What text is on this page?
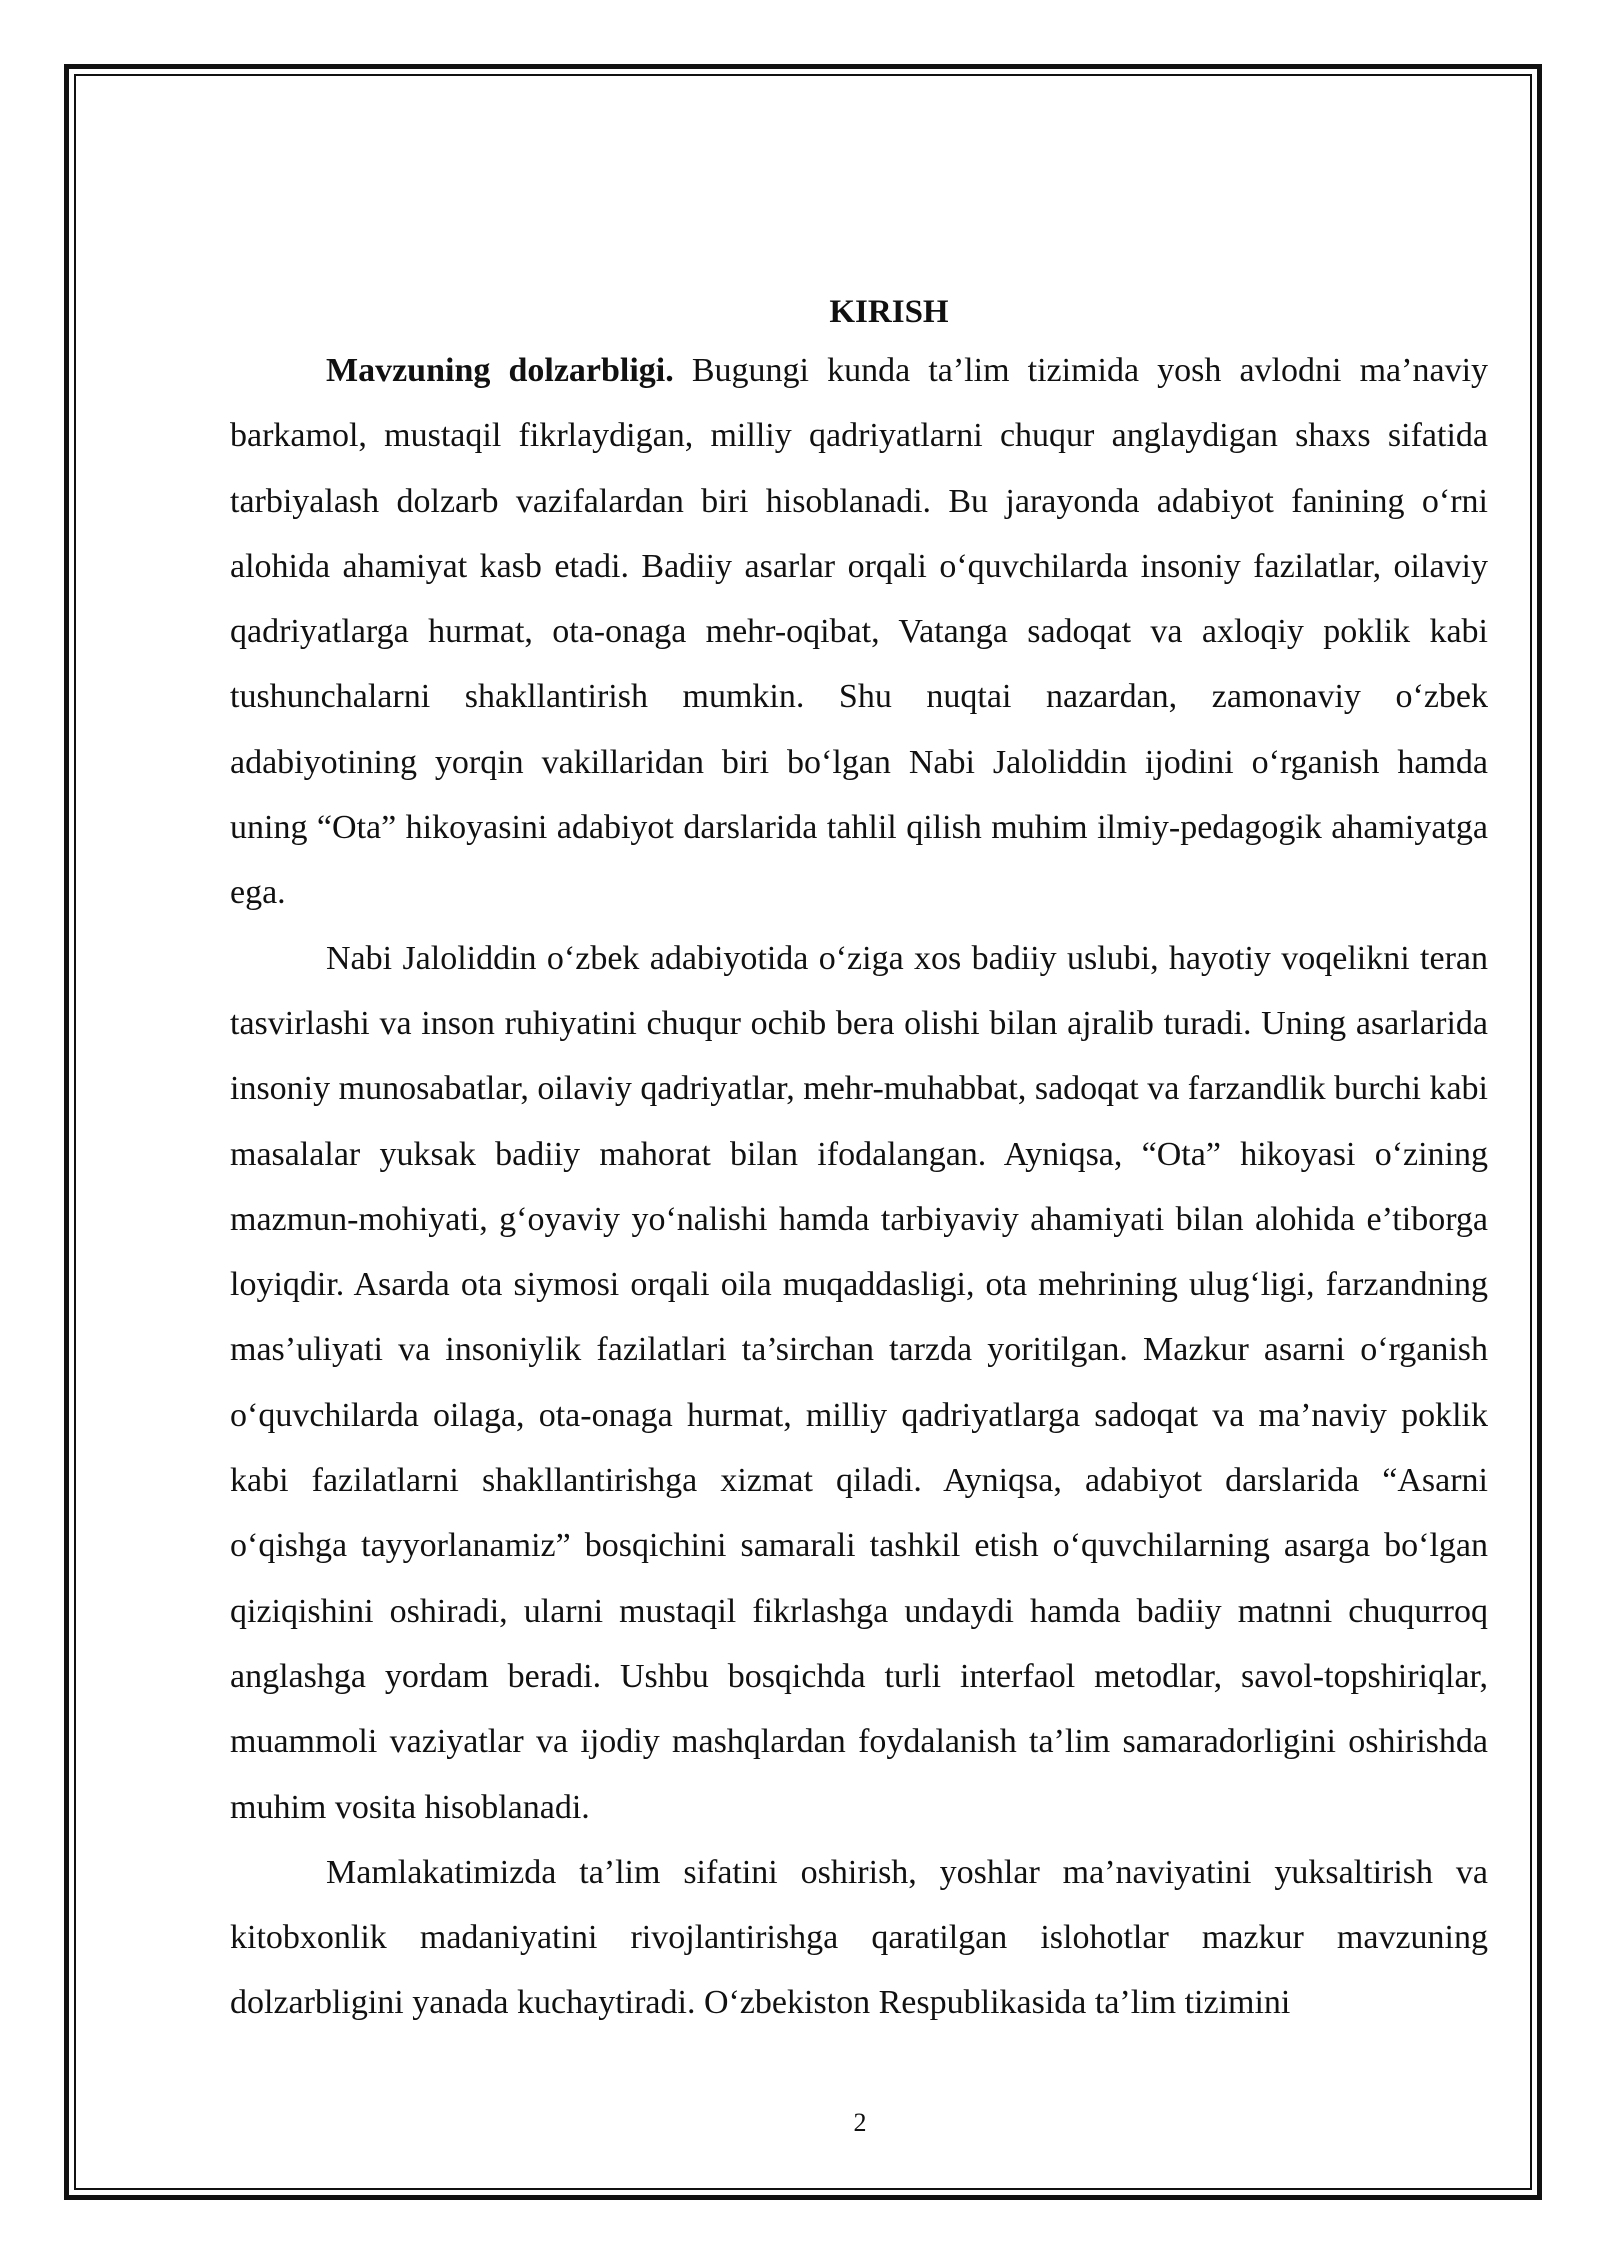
KIRISH

Mavzuning dolzarbligi. Bugungi kunda ta’lim tizimida yosh avlodni ma’naviy barkamol, mustaqil fikrlaydigan, milliy qadriyatlarni chuqur anglaydigan shaxs sifatida tarbiyalash dolzarb vazifalardan biri hisoblanadi. Bu jarayonda adabiyot fanining o‘rni alohida ahamiyat kasb etadi. Badiiy asarlar orqali o‘quvchilarda insoniy fazilatlar, oilaviy qadriyatlarga hurmat, ota-onaga mehr-oqibat, Vatanga sadoqat va axloqiy poklik kabi tushunchalarni shakllantirish mumkin. Shu nuqtai nazardan, zamonaviy o‘zbek adabiyotining yorqin vakillaridan biri bo‘lgan Nabi Jaloliddin ijodini o‘rganish hamda uning “Ota” hikoyasini adabiyot darslarida tahlil qilish muhim ilmiy-pedagogik ahamiyatga ega.

Nabi Jaloliddin o‘zbek adabiyotida o‘ziga xos badiiy uslubi, hayotiy voqelikni teran tasvirlashi va inson ruhiyatini chuqur ochib bera olishi bilan ajralib turadi. Uning asarlarida insoniy munosabatlar, oilaviy qadriyatlar, mehr-muhabbat, sadoqat va farzandlik burchi kabi masalalar yuksak badiiy mahorat bilan ifodalangan. Ayniqsa, “Ota” hikoyasi o‘zining mazmun-mohiyati, g‘oyaviy yo‘nalishi hamda tarbiyaviy ahamiyati bilan alohida e’tiborga loyiqdir. Asarda ota siymosi orqali oila muqaddasligi, ota mehrining ulug‘ligi, farzandning mas’uliyati va insoniylik fazilatlari ta’sirchan tarzda yoritilgan. Mazkur asarni o‘rganish o‘quvchilarda oilaga, ota-onaga hurmat, milliy qadriyatlarga sadoqat va ma’naviy poklik kabi fazilatlarni shakllantirishga xizmat qiladi. Ayniqsa, adabiyot darslarida “Asarni o‘qishga tayyorlanamiz” bosqichini samarali tashkil etish o‘quvchilarning asarga bo‘lgan qiziqishini oshiradi, ularni mustaqil fikrlashga undaydi hamda badiiy matnni chuqurroq anglashga yordam beradi. Ushbu bosqichda turli interfaol metodlar, savol-topshiriqlar, muammoli vaziyatlar va ijodiy mashqlardan foydalanish ta’lim samaradorligini oshirishda muhim vosita hisoblanadi.

Mamlakatimizda ta’lim sifatini oshirish, yoshlar ma’naviyatini yuksaltirish va kitobxonlik madaniyatini rivojlantirishga qaratilgan islohotlar mazkur mavzuning dolzarbligini yanada kuchaytiradi. O‘zbekiston Respublikasida ta’lim tizimini

2
